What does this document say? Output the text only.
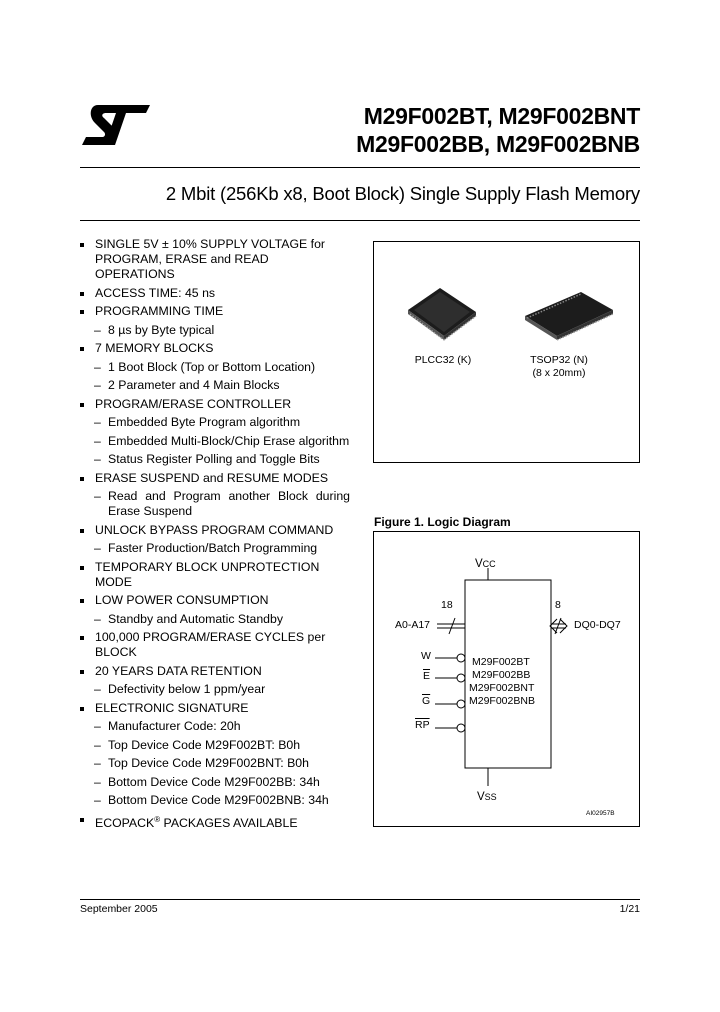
M29F002BT, M29F002BNT
M29F002BB, M29F002BNB
2 Mbit (256Kb x8, Boot Block) Single Supply Flash Memory
SINGLE 5V ± 10% SUPPLY VOLTAGE for PROGRAM, ERASE and READ OPERATIONS
ACCESS TIME: 45 ns
PROGRAMMING TIME
– 8 µs by Byte typical
7 MEMORY BLOCKS
– 1 Boot Block (Top or Bottom Location)
– 2 Parameter and 4 Main Blocks
PROGRAM/ERASE CONTROLLER
– Embedded Byte Program algorithm
– Embedded Multi-Block/Chip Erase algorithm
– Status Register Polling and Toggle Bits
ERASE SUSPEND and RESUME MODES
– Read and Program another Block during Erase Suspend
UNLOCK BYPASS PROGRAM COMMAND
– Faster Production/Batch Programming
TEMPORARY BLOCK UNPROTECTION MODE
LOW POWER CONSUMPTION
– Standby and Automatic Standby
100,000 PROGRAM/ERASE CYCLES per BLOCK
20 YEARS DATA RETENTION
– Defectivity below 1 ppm/year
ELECTRONIC SIGNATURE
– Manufacturer Code: 20h
– Top Device Code M29F002BT: B0h
– Top Device Code M29F002BNT: B0h
– Bottom Device Code M29F002BB: 34h
– Bottom Device Code M29F002BNB: 34h
ECOPACK® PACKAGES AVAILABLE
PLCC32 (K)	TSOP32 (N)
(8 x 20mm)
Figure 1. Logic Diagram
VCC
VSS
18
A0-A17
8
DQ0-DQ7
W
$\overline{E}$
$\overline{G}$
$\overline{RP}$
M29F002BT
M29F002BB
M29F002BNT
M29F002BNB
AI02957B
September 2005	1/21
